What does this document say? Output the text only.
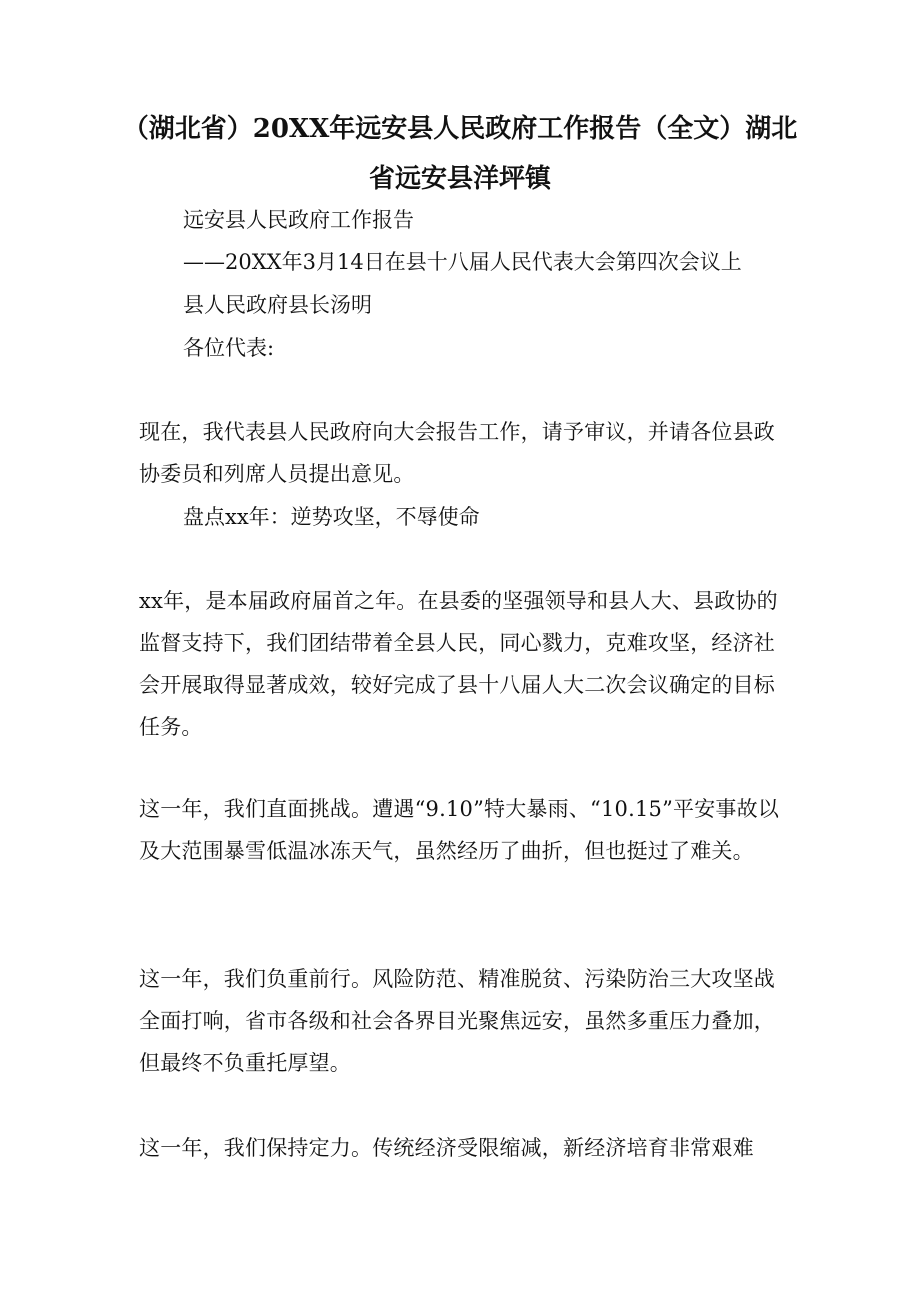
（湖北省）20XX年远安县人民政府工作报告（全文）湖北省远安县洋坪镇

远安县人民政府工作报告

——20XX年3月14日在县十八届人民代表大会第四次会议上

县人民政府县长汤明

各位代表:

现在，我代表县人民政府向大会报告工作，请予审议，并请各位县政协委员和列席人员提出意见。

盘点xx年：逆势攻坚，不辱使命

xx年，是本届政府届首之年。在县委的坚强领导和县人大、县政协的监督支持下，我们团结带着全县人民，同心戮力，克难攻坚，经济社会开展取得显著成效，较好完成了县十八届人大二次会议确定的目标任务。

这一年，我们直面挑战。遭遇“9.10”特大暴雨、“10.15”平安事故以及大范围暴雪低温冰冻天气，虽然经历了曲折，但也挺过了难关。

这一年，我们负重前行。风险防范、精准脱贫、污染防治三大攻坚战全面打响，省市各级和社会各界目光聚焦远安，虽然多重压力叠加，但最终不负重托厚望。

这一年，我们保持定力。传统经济受限缩减，新经济培育非常艰难
